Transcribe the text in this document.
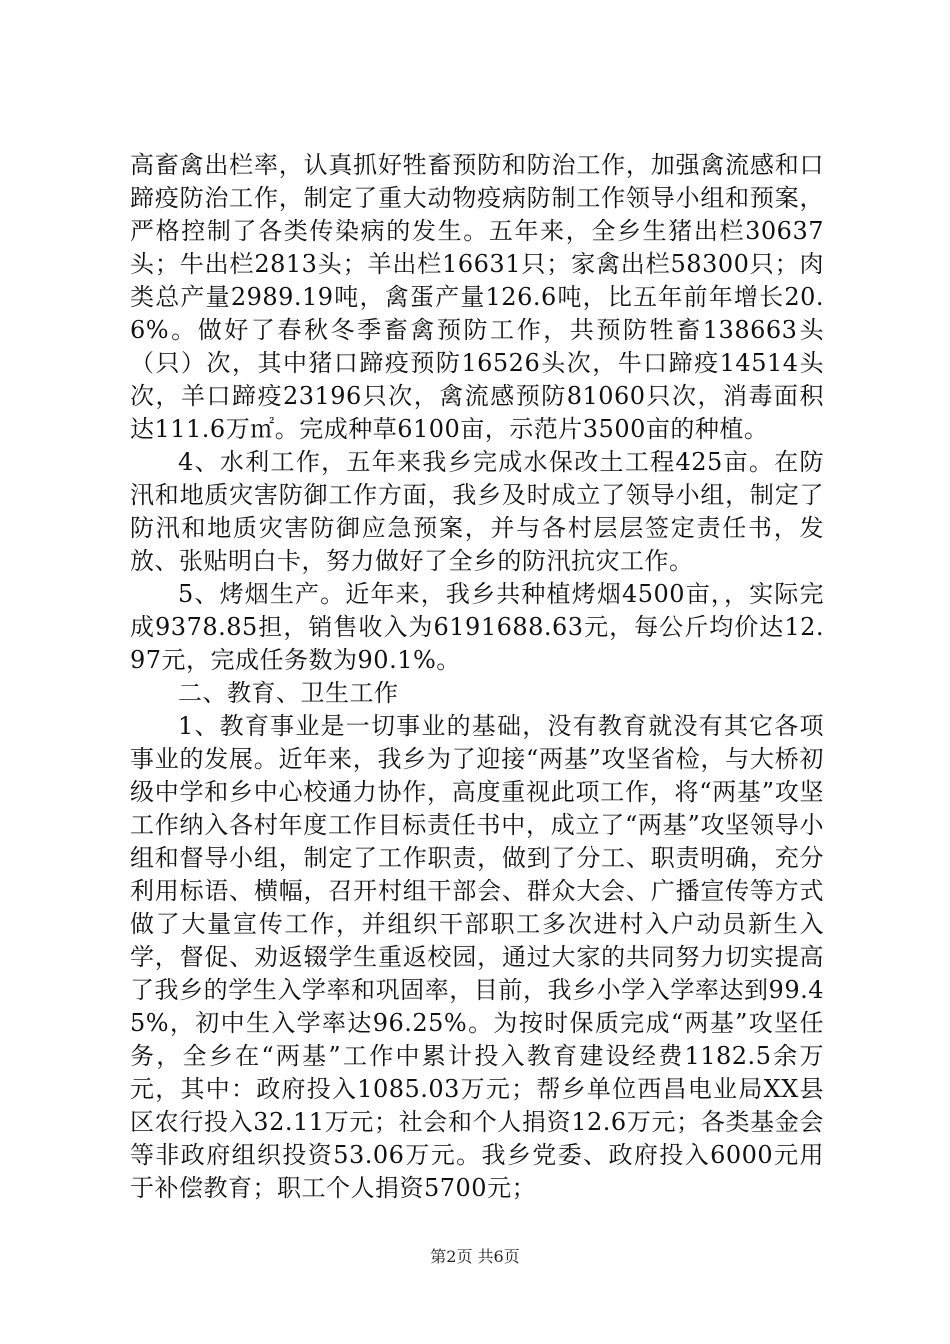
高畜禽出栏率，认真抓好牲畜预防和防治工作，加强禽流感和口蹄疫防治工作，制定了重大动物疫病防制工作领导小组和预案，严格控制了各类传染病的发生。五年来，全乡生猪出栏30637头；牛出栏2813头；羊出栏16631只；家禽出栏58300只；肉类总产量2989.19吨，禽蛋产量126.6吨，比五年前年增长20.6%。做好了春秋冬季畜禽预防工作，共预防牲畜138663头（只）次，其中猪口蹄疫预防16526头次，牛口蹄疫14514头次，羊口蹄疫23196只次，禽流感预防81060只次，消毒面积达111.6万㎡。完成种草6100亩，示范片3500亩的种植。

4、水利工作，五年来我乡完成水保改土工程425亩。在防汛和地质灾害防御工作方面，我乡及时成立了领导小组，制定了防汛和地质灾害防御应急预案，并与各村层层签定责任书，发放、张贴明白卡，努力做好了全乡的防汛抗灾工作。

5、烤烟生产。近年来，我乡共种植烤烟4500亩，，实际完成9378.85担，销售收入为6191688.63元，每公斤均价达12.97元，完成任务数为90.1%。

二、教育、卫生工作

1、教育事业是一切事业的基础，没有教育就没有其它各项事业的发展。近年来，我乡为了迎接“两基”攻坚省检，与大桥初级中学和乡中心校通力协作，高度重视此项工作，将“两基”攻坚工作纳入各村年度工作目标责任书中，成立了“两基”攻坚领导小组和督导小组，制定了工作职责，做到了分工、职责明确，充分利用标语、横幅，召开村组干部会、群众大会、广播宣传等方式做了大量宣传工作，并组织干部职工多次进村入户动员新生入学，督促、劝返辍学生重返校园，通过大家的共同努力切实提高了我乡的学生入学率和巩固率，目前，我乡小学入学率达到99.45%，初中生入学率达96.25%。为按时保质完成“两基”攻坚任务，全乡在“两基”工作中累计投入教育建设经费1182.5余万元，其中：政府投入1085.03万元；帮乡单位西昌电业局XX县区农行投入32.11万元；社会和个人捐资12.6万元；各类基金会等非政府组织投资53.06万元。我乡党委、政府投入6000元用于补偿教育；职工个人捐资5700元；

第2页 共6页
